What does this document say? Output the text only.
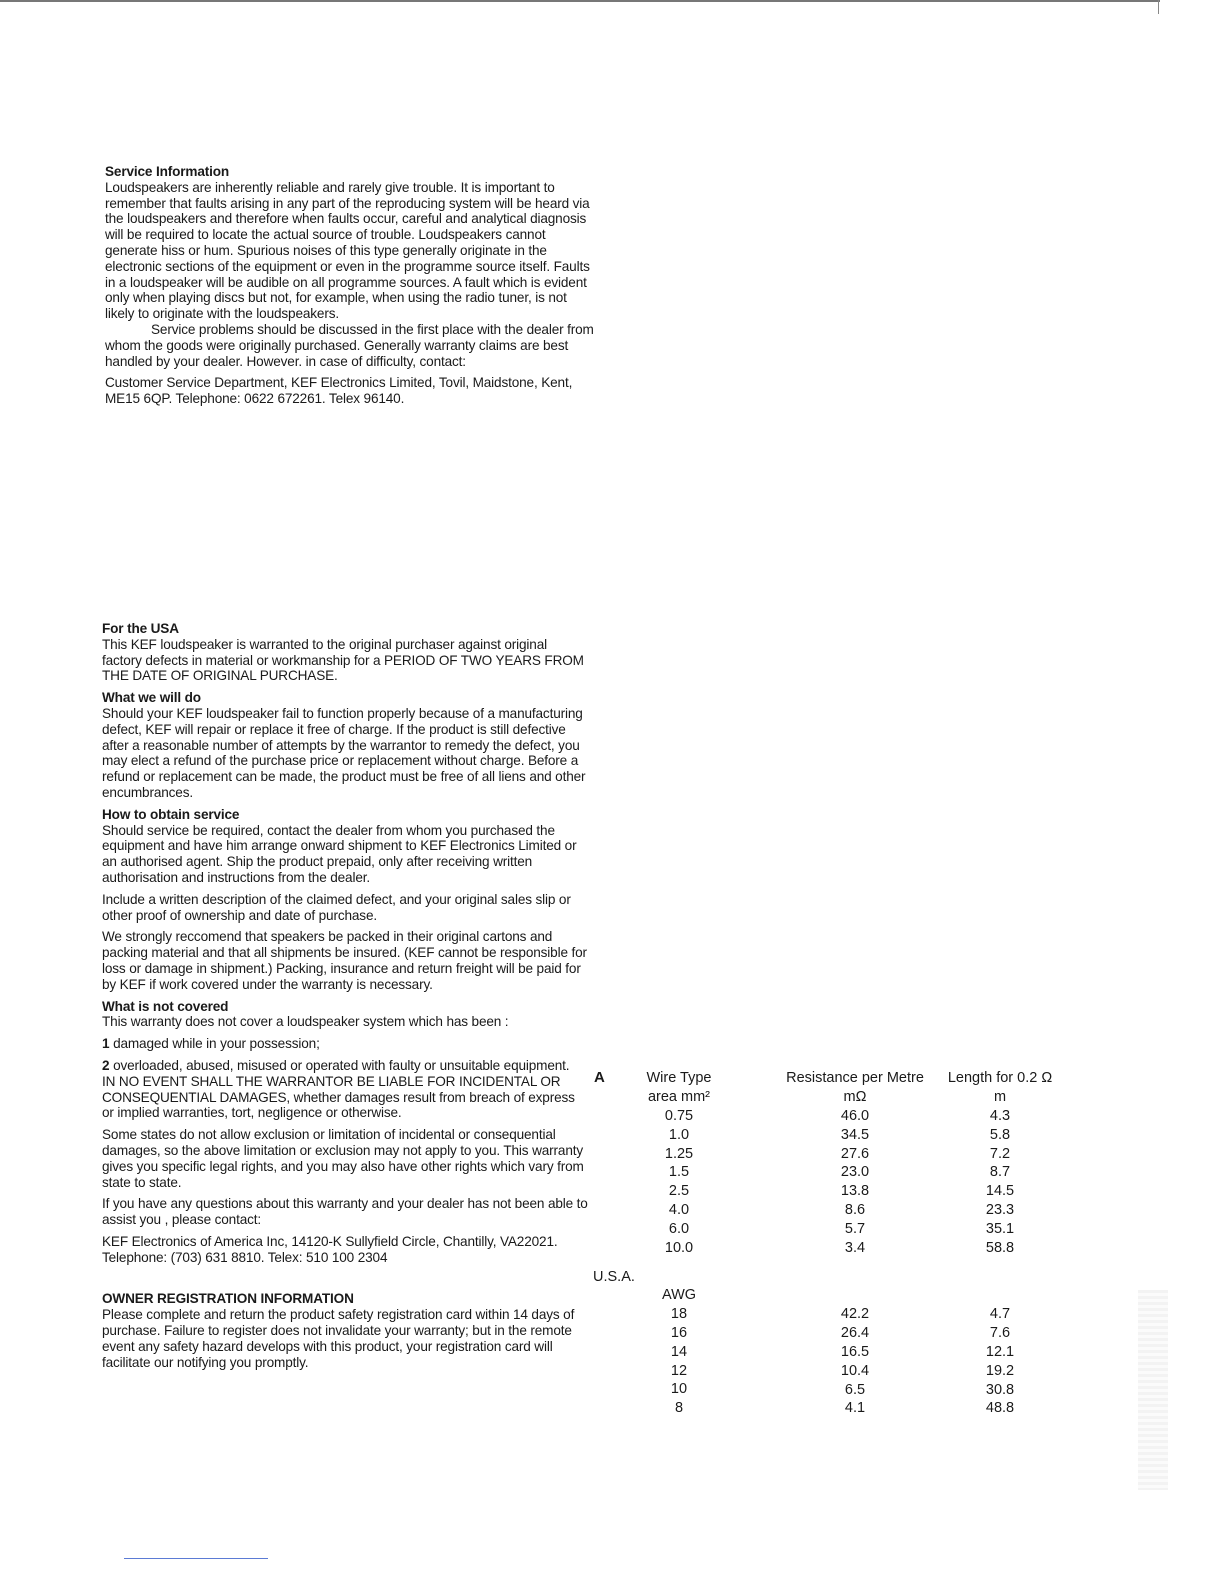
Service Information

Loudspeakers are inherently reliable and rarely give trouble. It is important to remember that faults arising in any part of the reproducing system will be heard via the loudspeakers and therefore when faults occur, careful and analytical diagnosis will be required to locate the actual source of trouble. Loudspeakers cannot generate hiss or hum. Spurious noises of this type generally originate in the electronic sections of the equipment or even in the programme source itself. Faults in a loudspeaker will be audible on all programme sources. A fault which is evident only when playing discs but not, for example, when using the radio tuner, is not likely to originate with the loudspeakers.

Service problems should be discussed in the first place with the dealer from whom the goods were originally purchased. Generally warranty claims are best handled by your dealer. However. in case of difficulty, contact:

Customer Service Department, KEF Electronics Limited, Tovil, Maidstone, Kent, ME15 6QP. Telephone: 0622 672261. Telex 96140.

For the USA

This KEF loudspeaker is warranted to the original purchaser against original factory defects in material or workmanship for a PERIOD OF TWO YEARS FROM THE DATE OF ORIGINAL PURCHASE.

What we will do

Should your KEF loudspeaker fail to function properly because of a manufacturing defect, KEF will repair or replace it free of charge. If the product is still defective after a reasonable number of attempts by the warrantor to remedy the defect, you may elect a refund of the purchase price or replacement without charge. Before a refund or replacement can be made, the product must be free of all liens and other encumbrances.

How to obtain service

Should service be required, contact the dealer from whom you purchased the equipment and have him arrange onward shipment to KEF Electronics Limited or an authorised agent. Ship the product prepaid, only after receiving written authorisation and instructions from the dealer.

Include a written description of the claimed defect, and your original sales slip or other proof of ownership and date of purchase.

We strongly reccomend that speakers be packed in their original cartons and packing material and that all shipments be insured. (KEF cannot be responsible for loss or damage in shipment.) Packing, insurance and return freight will be paid for by KEF if work covered under the warranty is necessary.

What is not covered

This warranty does not cover a loudspeaker system which has been :

1 damaged while in your possession;

2 overloaded, abused, misused or operated with faulty or unsuitable equipment.

IN NO EVENT SHALL THE WARRANTOR BE LIABLE FOR INCIDENTAL OR CONSEQUENTIAL DAMAGES, whether damages result from breach of express or implied warranties, tort, negligence or otherwise.

Some states do not allow exclusion or limitation of incidental or consequential damages, so the above limitation or exclusion may not apply to you. This warranty gives you specific legal rights, and you may also have other rights which vary from state to state.

If you have any questions about this warranty and your dealer has not been able to assist you , please contact:

KEF Electronics of America Inc, 14120-K Sullyfield Circle, Chantilly, VA22021. Telephone: (703) 631 8810. Telex: 510 100 2304

OWNER REGISTRATION INFORMATION

Please complete and return the product safety registration card within 14 days of purchase. Failure to register does not invalidate your warranty; but in the remote event any safety hazard develops with this product, your registration card will facilitate our notifying you promptly.

A
U.S.A.
Wire Type
area mm²
0.75
1.0
1.25
1.5
2.5
4.0
6.0
10.0
Resistance per Metre
mΩ
46.0
34.5
27.6
23.0
13.8
8.6
5.7
3.4
Length for 0.2 Ω
m
4.3
5.8
7.2
8.7
14.5
23.3
35.1
58.8
AWG
18
16
14
12
10
8
42.2
26.4
16.5
10.4
6.5
4.1
4.7
7.6
12.1
19.2
30.8
48.8
